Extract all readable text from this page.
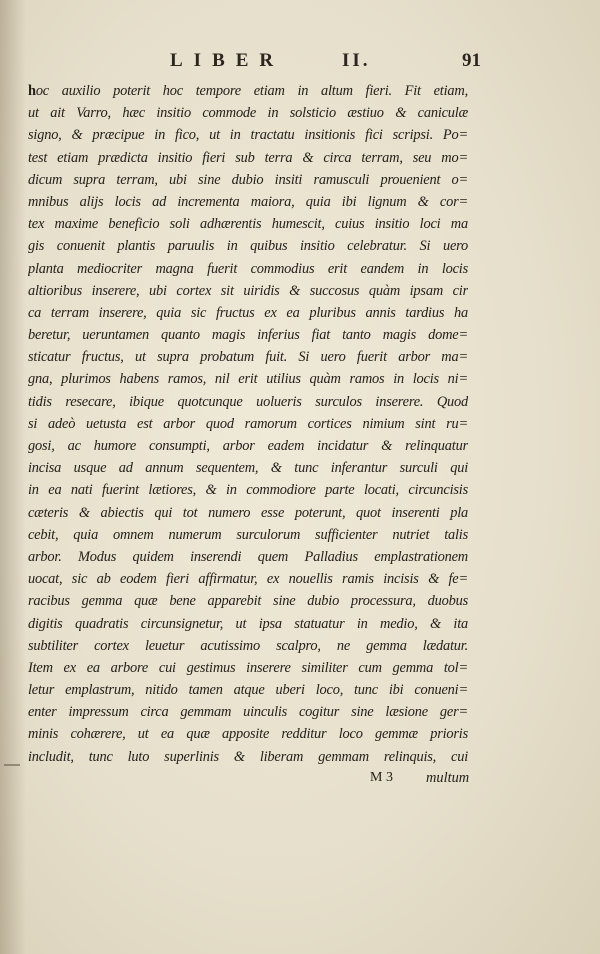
LIBER	II.	91
hoc auxilio poterit hoc tempore etiam in altum fieri. Fit etiam,
ut ait Varro, hæc insitio commode in solsticio æstiuo & caniculæ
signo, & præcipue in fico, ut in tractatu insitionis fici scripsi. Po=
test etiam prædicta insitio fieri sub terra & circa terram, seu mo=
dicum supra terram, ubi sine dubio insiti ramusculi prouenient o=
mnibus alijs locis ad incrementa maiora, quia ibi lignum & cor=
tex maxime beneficio soli adhærentis humescit, cuius insitio loci ma
gis conuenit plantis paruulis in quibus insitio celebratur. Si uero
planta mediocriter magna fuerit commodius erit eandem in locis
altioribus inserere, ubi cortex sit uiridis & succosus quàm ipsam cir
ca terram inserere, quia sic fructus ex ea pluribus annis tardius ha
beretur, ueruntamen quanto magis inferius fiat tanto magis dome=
sticatur fructus, ut supra probatum fuit. Si uero fuerit arbor ma=
gna, plurimos habens ramos, nil erit utilius quàm ramos in locis ni=
tidis resecare, ibique quotcunque uolueris surculos inserere. Quod
si adeò uetusta est arbor quod ramorum cortices nimium sint ru=
gosi, ac humore consumpti, arbor eadem incidatur & relinquatur
incisa usque ad annum sequentem, & tunc inferantur surculi qui
in ea nati fuerint lætiores, & in commodiore parte locati, circuncisis
cæteris & abiectis qui tot numero esse poterunt, quot inserenti pla
cebit, quia omnem numerum surculorum sufficienter nutriet talis
arbor. Modus quidem inserendi quem Palladius emplastrationem
uocat, sic ab eodem fieri affirmatur, ex nouellis ramis incisis & fe=
racibus gemma quæ bene apparebit sine dubio processura, duobus
digitis quadratis circunsignetur, ut ipsa statuatur in medio, & ita
subtiliter cortex leuetur acutissimo scalpro, ne gemma lædatur.
Item ex ea arbore cui gestimus inserere similiter cum gemma tol=
letur emplastrum, nitido tamen atque uberi loco, tunc ibi conueni=
enter impressum circa gemmam uinculis cogitur sine læsione ger=
minis cohærere, ut ea quæ apposite redditur loco gemmæ prioris
includit, tunc luto superlinis & liberam gemmam relinquis, cui
M 3 multum
